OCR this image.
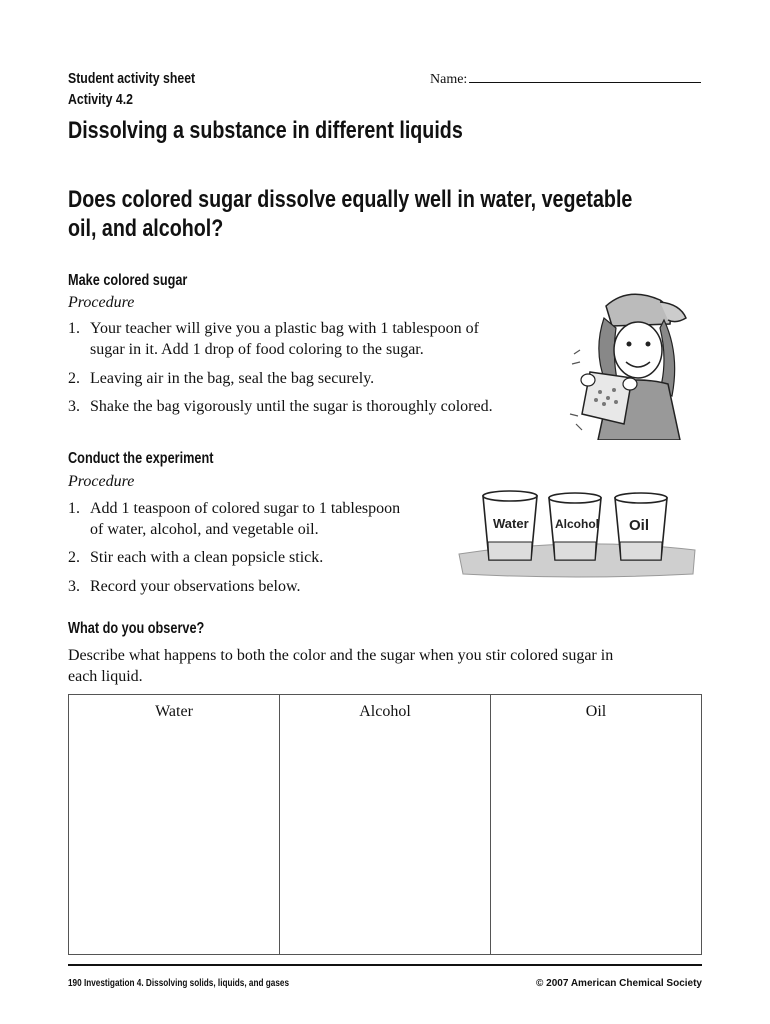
Student activity sheet
Activity 4.2
Name:
Dissolving a substance in different liquids
Does colored sugar dissolve equally well in water, vegetable
oil, and alcohol?
Make colored sugar
Procedure
1. Your teacher will give you a plastic bag with 1 tablespoon of
sugar in it. Add 1 drop of food coloring to the sugar.
2. Leaving air in the bag, seal the bag securely.
3. Shake the bag vigorously until the sugar is thoroughly colored.
Conduct the experiment
Procedure
1. Add 1 teaspoon of colored sugar to 1 tablespoon
of water, alcohol, and vegetable oil.
2. Stir each with a clean popsicle stick.
3. Record your observations below.
Water Alcohol Oil
What do you observe?
Describe what happens to both the color and the sugar when you stir colored sugar in
each liquid.
Water	Alcohol	Oil
190 Investigation 4. Dissolving solids, liquids, and gases	© 2007 American Chemical Society
